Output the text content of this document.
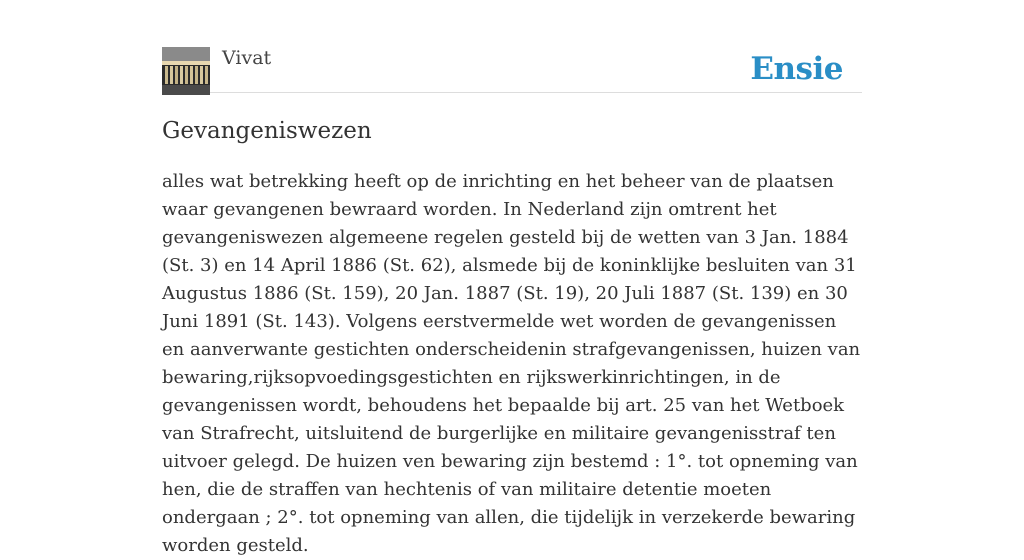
Vivat	Ensie
Gevangeniswezen

alles wat betrekking heeft op de inrichting en het beheer van de plaatsen waar gevangenen bewraard worden. In Nederland zijn omtrent het gevangeniswezen algemeene regelen gesteld bij de wetten van 3 Jan. 1884 (St. 3) en 14 April 1886 (St. 62), alsmede bij de koninklijke besluiten van 31 Augustus 1886 (St. 159), 20 Jan. 1887 (St. 19), 20 Juli 1887 (St. 139) en 30 Juni 1891 (St. 143). Volgens eerstvermelde wet worden de gevangenissen en aanverwante gestichten onderscheidenin strafgevangenissen, huizen van bewaring,rijksopvoedingsgestichten en rijkswerkinrichtingen, in de gevangenissen wordt, behoudens het bepaalde bij art. 25 van het Wetboek van Strafrecht, uitsluitend de burgerlijke en militaire gevangenisstraf ten uitvoer gelegd. De huizen ven bewaring zijn bestemd : 1°. tot opneming van hen, die de straffen van hechtenis of van militaire detentie moeten ondergaan ; 2°. tot opneming van allen, die tijdelijk in verzekerde bewaring worden gesteld.
